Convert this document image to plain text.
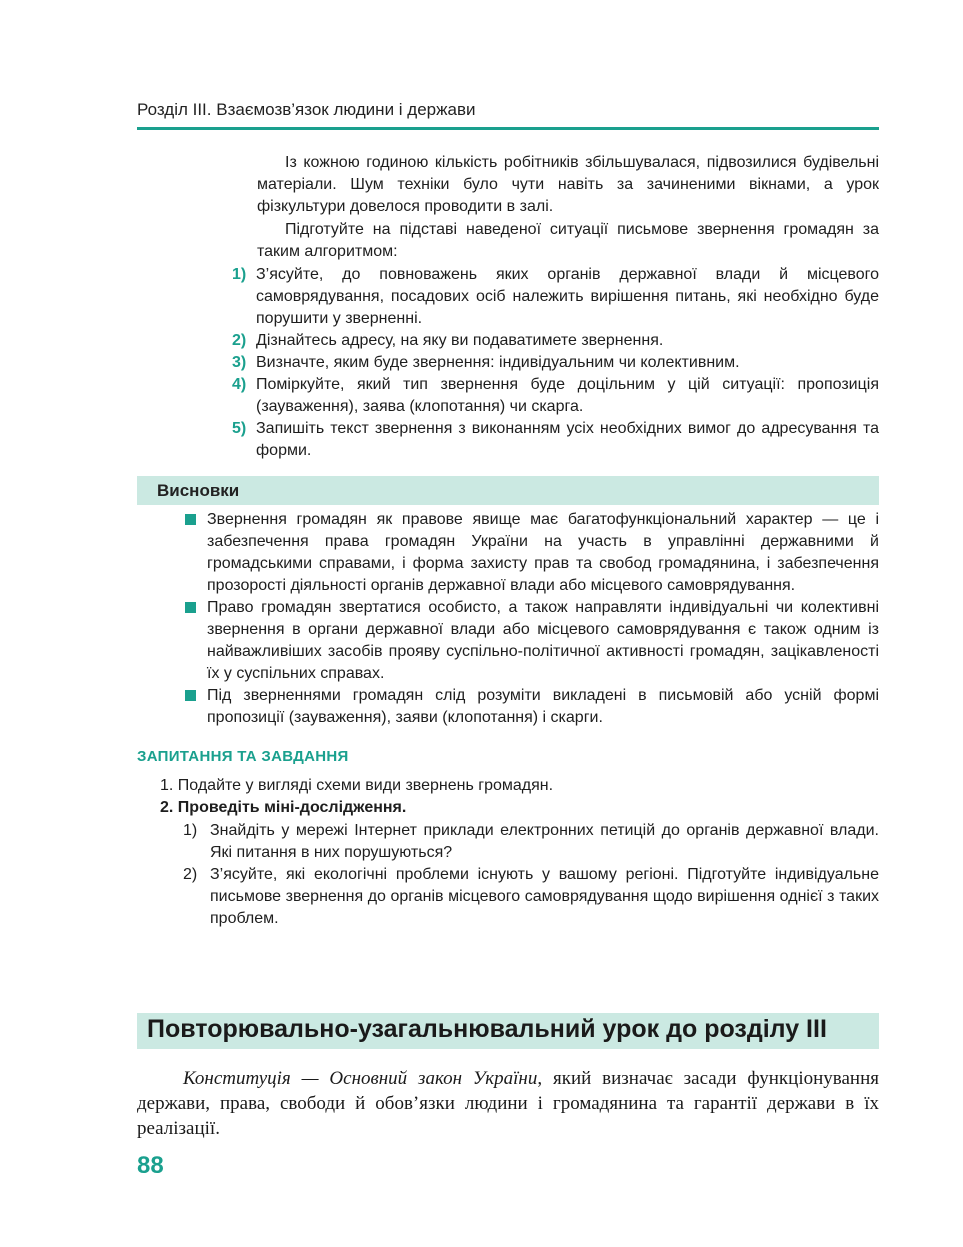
Розділ ІІІ. Взаємозв’язок людини і держави
Із кожною годиною кількість робітників збільшувалася, підвозилися будівельні матеріали. Шум техніки було чути навіть за зачиненими вікнами, а урок фізкультури довелося проводити в залі.
Підготуйте на підставі наведеної ситуації письмове звернення громадян за таким алгоритмом:
1) З’ясуйте, до повноважень яких органів державної влади й місцевого самоврядування, посадових осіб належить вирішення питань, які необхідно буде порушити у зверненні.
2) Дізнайтесь адресу, на яку ви подаватимете звернення.
3) Визначте, яким буде звернення: індивідуальним чи колективним.
4) Поміркуйте, який тип звернення буде доцільним у цій ситуації: пропозиція (зауваження), заява (клопотання) чи скарга.
5) Запишіть текст звернення з виконанням усіх необхідних вимог до адресування та форми.
Висновки
Звернення громадян як правове явище має багатофункціональний характер — це і забезпечення права громадян України на участь в управлінні державними й громадськими справами, і форма захисту прав та свобод громадянина, і забезпечення прозорості діяльності органів державної влади або місцевого самоврядування.
Право громадян звертатися особисто, а також направляти індивідуальні чи колективні звернення в органи державної влади або місцевого самоврядування є також одним із найважливіших засобів прояву суспільно-політичної активності громадян, зацікавленості їх у суспільних справах.
Під зверненнями громадян слід розуміти викладені в письмовій або усній формі пропозиції (зауваження), заяви (клопотання) і скарги.
ЗАПИТАННЯ ТА ЗАВДАННЯ
1. Подайте у вигляді схеми види звернень громадян.
2. Проведіть міні-дослідження.
1) Знайдіть у мережі Інтернет приклади електронних петицій до органів державної влади. Які питання в них порушуються?
2) З’ясуйте, які екологічні проблеми існують у вашому регіоні. Підготуйте індивідуальне письмове звернення до органів місцевого самоврядування щодо вирішення однієї з таких проблем.
Повторювально-узагальнювальний урок до розділу ІІІ
Конституція — Основний закон України, який визначає засади функціонування держави, права, свободи й обов’язки людини і громадянина та гарантії держави в їх реалізації.
88
